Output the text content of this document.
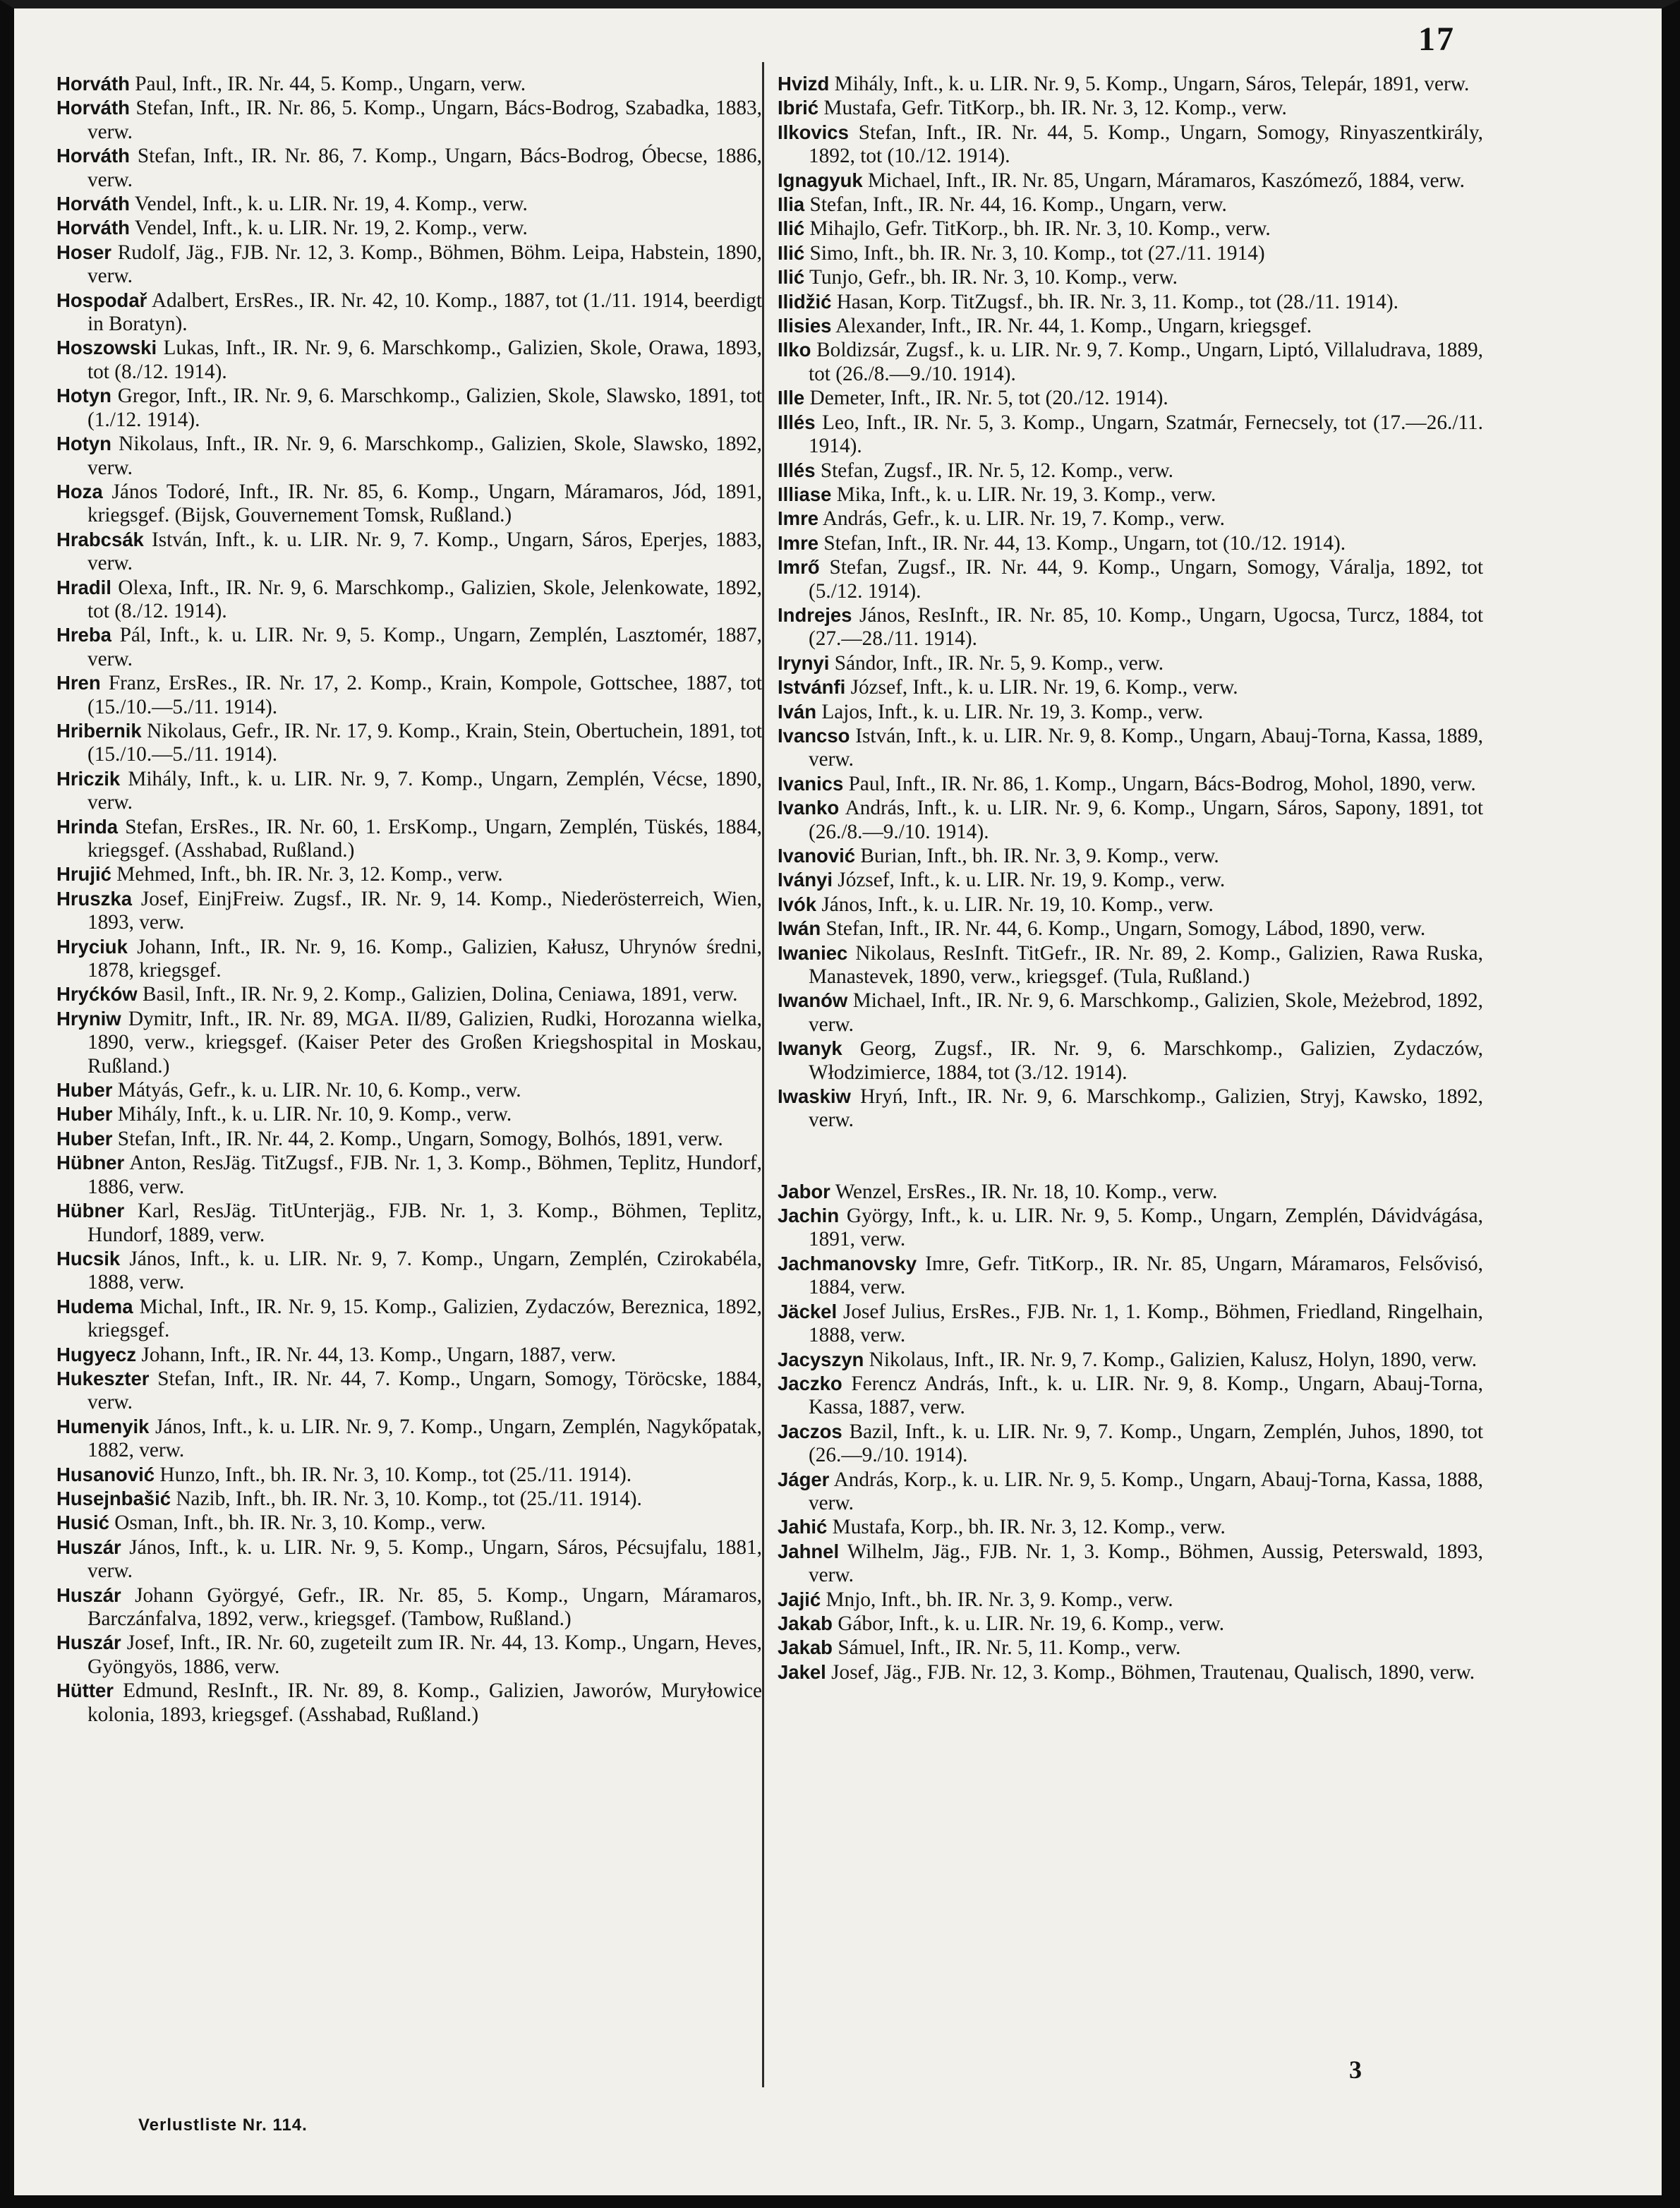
17

Horváth Paul, Inft., IR. Nr. 44, 5. Komp., Ungarn, verw.

Horváth Stefan, Inft., IR. Nr. 86, 5. Komp., Ungarn, Bács-Bodrog, Szabadka, 1883, verw.

Horváth Stefan, Inft., IR. Nr. 86, 7. Komp., Ungarn, Bács-Bodrog, Óbecse, 1886, verw.

Horváth Vendel, Inft., k. u. LIR. Nr. 19, 4. Komp., verw.

Horváth Vendel, Inft., k. u. LIR. Nr. 19, 2. Komp., verw.

Hoser Rudolf, Jäg., FJB. Nr. 12, 3. Komp., Böhmen, Böhm. Leipa, Habstein, 1890, verw.

Hospodař Adalbert, ErsRes., IR. Nr. 42, 10. Komp., 1887, tot (1./11. 1914, beerdigt in Boratyn).

Hoszowski Lukas, Inft., IR. Nr. 9, 6. Marschkomp., Galizien, Skole, Orawa, 1893, tot (8./12. 1914).

Hotyn Gregor, Inft., IR. Nr. 9, 6. Marschkomp., Galizien, Skole, Slawsko, 1891, tot (1./12. 1914).

Hotyn Nikolaus, Inft., IR. Nr. 9, 6. Marschkomp., Galizien, Skole, Slawsko, 1892, verw.

Hoza János Todoré, Inft., IR. Nr. 85, 6. Komp., Ungarn, Máramaros, Jód, 1891, kriegsgef. (Bijsk, Gouvernement Tomsk, Rußland.)

Hrabcsák István, Inft., k. u. LIR. Nr. 9, 7. Komp., Ungarn, Sáros, Eperjes, 1883, verw.

Hradil Olexa, Inft., IR. Nr. 9, 6. Marschkomp., Galizien, Skole, Jelenkowate, 1892, tot (8./12. 1914).

Hreba Pál, Inft., k. u. LIR. Nr. 9, 5. Komp., Ungarn, Zemplén, Lasztomér, 1887, verw.

Hren Franz, ErsRes., IR. Nr. 17, 2. Komp., Krain, Kompole, Gottschee, 1887, tot (15./10.—5./11. 1914).

Hribernik Nikolaus, Gefr., IR. Nr. 17, 9. Komp., Krain, Stein, Obertuchein, 1891, tot (15./10.—5./11. 1914).

Hriczik Mihály, Inft., k. u. LIR. Nr. 9, 7. Komp., Ungarn, Zemplén, Vécse, 1890, verw.

Hrinda Stefan, ErsRes., IR. Nr. 60, 1. ErsKomp., Ungarn, Zemplén, Tüskés, 1884, kriegsgef. (Asshabad, Rußland.)

Hrujić Mehmed, Inft., bh. IR. Nr. 3, 12. Komp., verw.

Hruszka Josef, EinjFreiw. Zugsf., IR. Nr. 9, 14. Komp., Niederösterreich, Wien, 1893, verw.

Hryciuk Johann, Inft., IR. Nr. 9, 16. Komp., Galizien, Kałusz, Uhrynów średni, 1878, kriegsgef.

Hryćków Basil, Inft., IR. Nr. 9, 2. Komp., Galizien, Dolina, Ceniawa, 1891, verw.

Hryniw Dymitr, Inft., IR. Nr. 89, MGA. II/89, Galizien, Rudki, Horozanna wielka, 1890, verw., kriegsgef. (Kaiser Peter des Großen Kriegshospital in Moskau, Rußland.)

Huber Mátyás, Gefr., k. u. LIR. Nr. 10, 6. Komp., verw.

Huber Mihály, Inft., k. u. LIR. Nr. 10, 9. Komp., verw.

Huber Stefan, Inft., IR. Nr. 44, 2. Komp., Ungarn, Somogy, Bolhós, 1891, verw.

Hübner Anton, ResJäg. TitZugsf., FJB. Nr. 1, 3. Komp., Böhmen, Teplitz, Hundorf, 1886, verw.

Hübner Karl, ResJäg. TitUnterjäg., FJB. Nr. 1, 3. Komp., Böhmen, Teplitz, Hundorf, 1889, verw.

Hucsik János, Inft., k. u. LIR. Nr. 9, 7. Komp., Ungarn, Zemplén, Czirokabéla, 1888, verw.

Hudema Michal, Inft., IR. Nr. 9, 15. Komp., Galizien, Zydaczów, Bereznica, 1892, kriegsgef.

Hugyecz Johann, Inft., IR. Nr. 44, 13. Komp., Ungarn, 1887, verw.

Hukeszter Stefan, Inft., IR. Nr. 44, 7. Komp., Ungarn, Somogy, Töröcske, 1884, verw.

Humenyik János, Inft., k. u. LIR. Nr. 9, 7. Komp., Ungarn, Zemplén, Nagykőpatak, 1882, verw.

Husanović Hunzo, Inft., bh. IR. Nr. 3, 10. Komp., tot (25./11. 1914).

Husejnbašić Nazib, Inft., bh. IR. Nr. 3, 10. Komp., tot (25./11. 1914).

Husić Osman, Inft., bh. IR. Nr. 3, 10. Komp., verw.

Huszár János, Inft., k. u. LIR. Nr. 9, 5. Komp., Ungarn, Sáros, Pécsujfalu, 1881, verw.

Huszár Johann Györgyé, Gefr., IR. Nr. 85, 5. Komp., Ungarn, Máramaros, Barczánfalva, 1892, verw., kriegsgef. (Tambow, Rußland.)

Huszár Josef, Inft., IR. Nr. 60, zugeteilt zum IR. Nr. 44, 13. Komp., Ungarn, Heves, Gyöngyös, 1886, verw.

Hütter Edmund, ResInft., IR. Nr. 89, 8. Komp., Galizien, Jaworów, Muryłowice kolonia, 1893, kriegsgef. (Asshabad, Rußland.)

Hvizd Mihály, Inft., k. u. LIR. Nr. 9, 5. Komp., Ungarn, Sáros, Telepár, 1891, verw.

Ibrić Mustafa, Gefr. TitKorp., bh. IR. Nr. 3, 12. Komp., verw.

Ilkovics Stefan, Inft., IR. Nr. 44, 5. Komp., Ungarn, Somogy, Rinyaszentkirály, 1892, tot (10./12. 1914).

Ignagyuk Michael, Inft., IR. Nr. 85, Ungarn, Máramaros, Kaszómező, 1884, verw.

Ilia Stefan, Inft., IR. Nr. 44, 16. Komp., Ungarn, verw.

Ilić Mihajlo, Gefr. TitKorp., bh. IR. Nr. 3, 10. Komp., verw.

Ilić Simo, Inft., bh. IR. Nr. 3, 10. Komp., tot (27./11. 1914)

Ilić Tunjo, Gefr., bh. IR. Nr. 3, 10. Komp., verw.

Ilidžić Hasan, Korp. TitZugsf., bh. IR. Nr. 3, 11. Komp., tot (28./11. 1914).

Ilisies Alexander, Inft., IR. Nr. 44, 1. Komp., Ungarn, kriegsgef.

Ilko Boldizsár, Zugsf., k. u. LIR. Nr. 9, 7. Komp., Ungarn, Liptó, Villaludrava, 1889, tot (26./8.—9./10. 1914).

Ille Demeter, Inft., IR. Nr. 5, tot (20./12. 1914).

Illés Leo, Inft., IR. Nr. 5, 3. Komp., Ungarn, Szatmár, Fernecsely, tot (17.—26./11. 1914).

Illés Stefan, Zugsf., IR. Nr. 5, 12. Komp., verw.

Illiase Mika, Inft., k. u. LIR. Nr. 19, 3. Komp., verw.

Imre András, Gefr., k. u. LIR. Nr. 19, 7. Komp., verw.

Imre Stefan, Inft., IR. Nr. 44, 13. Komp., Ungarn, tot (10./12. 1914).

Imrő Stefan, Zugsf., IR. Nr. 44, 9. Komp., Ungarn, Somogy, Váralja, 1892, tot (5./12. 1914).

Indrejes János, ResInft., IR. Nr. 85, 10. Komp., Ungarn, Ugocsa, Turcz, 1884, tot (27.—28./11. 1914).

Irynyi Sándor, Inft., IR. Nr. 5, 9. Komp., verw.

Istvánfi József, Inft., k. u. LIR. Nr. 19, 6. Komp., verw.

Iván Lajos, Inft., k. u. LIR. Nr. 19, 3. Komp., verw.

Ivancso István, Inft., k. u. LIR. Nr. 9, 8. Komp., Ungarn, Abauj-Torna, Kassa, 1889, verw.

Ivanics Paul, Inft., IR. Nr. 86, 1. Komp., Ungarn, Bács-Bodrog, Mohol, 1890, verw.

Ivanko András, Inft., k. u. LIR. Nr. 9, 6. Komp., Ungarn, Sáros, Sapony, 1891, tot (26./8.—9./10. 1914).

Ivanović Burian, Inft., bh. IR. Nr. 3, 9. Komp., verw.

Iványi József, Inft., k. u. LIR. Nr. 19, 9. Komp., verw.

Ivók János, Inft., k. u. LIR. Nr. 19, 10. Komp., verw.

Iwán Stefan, Inft., IR. Nr. 44, 6. Komp., Ungarn, Somogy, Lábod, 1890, verw.

Iwaniec Nikolaus, ResInft. TitGefr., IR. Nr. 89, 2. Komp., Galizien, Rawa Ruska, Manastevek, 1890, verw., kriegsgef. (Tula, Rußland.)

Iwanów Michael, Inft., IR. Nr. 9, 6. Marschkomp., Galizien, Skole, Meżebrod, 1892, verw.

Iwanyk Georg, Zugsf., IR. Nr. 9, 6. Marschkomp., Galizien, Zydaczów, Włodzimierce, 1884, tot (3./12. 1914).

Iwaskiw Hryń, Inft., IR. Nr. 9, 6. Marschkomp., Galizien, Stryj, Kawsko, 1892, verw.

Jabor Wenzel, ErsRes., IR. Nr. 18, 10. Komp., verw.

Jachin György, Inft., k. u. LIR. Nr. 9, 5. Komp., Ungarn, Zemplén, Dávidvágása, 1891, verw.

Jachmanovsky Imre, Gefr. TitKorp., IR. Nr. 85, Ungarn, Máramaros, Felsővisó, 1884, verw.

Jäckel Josef Julius, ErsRes., FJB. Nr. 1, 1. Komp., Böhmen, Friedland, Ringelhain, 1888, verw.

Jacyszyn Nikolaus, Inft., IR. Nr. 9, 7. Komp., Galizien, Kalusz, Holyn, 1890, verw.

Jaczko Ferencz András, Inft., k. u. LIR. Nr. 9, 8. Komp., Ungarn, Abauj-Torna, Kassa, 1887, verw.

Jaczos Bazil, Inft., k. u. LIR. Nr. 9, 7. Komp., Ungarn, Zemplén, Juhos, 1890, tot (26.—9./10. 1914).

Jáger András, Korp., k. u. LIR. Nr. 9, 5. Komp., Ungarn, Abauj-Torna, Kassa, 1888, verw.

Jahić Mustafa, Korp., bh. IR. Nr. 3, 12. Komp., verw.

Jahnel Wilhelm, Jäg., FJB. Nr. 1, 3. Komp., Böhmen, Aussig, Peterswald, 1893, verw.

Jajić Mnjo, Inft., bh. IR. Nr. 3, 9. Komp., verw.

Jakab Gábor, Inft., k. u. LIR. Nr. 19, 6. Komp., verw.

Jakab Sámuel, Inft., IR. Nr. 5, 11. Komp., verw.

Jakel Josef, Jäg., FJB. Nr. 12, 3. Komp., Böhmen, Trautenau, Qualisch, 1890, verw.

Verlustliste Nr. 114.
3
